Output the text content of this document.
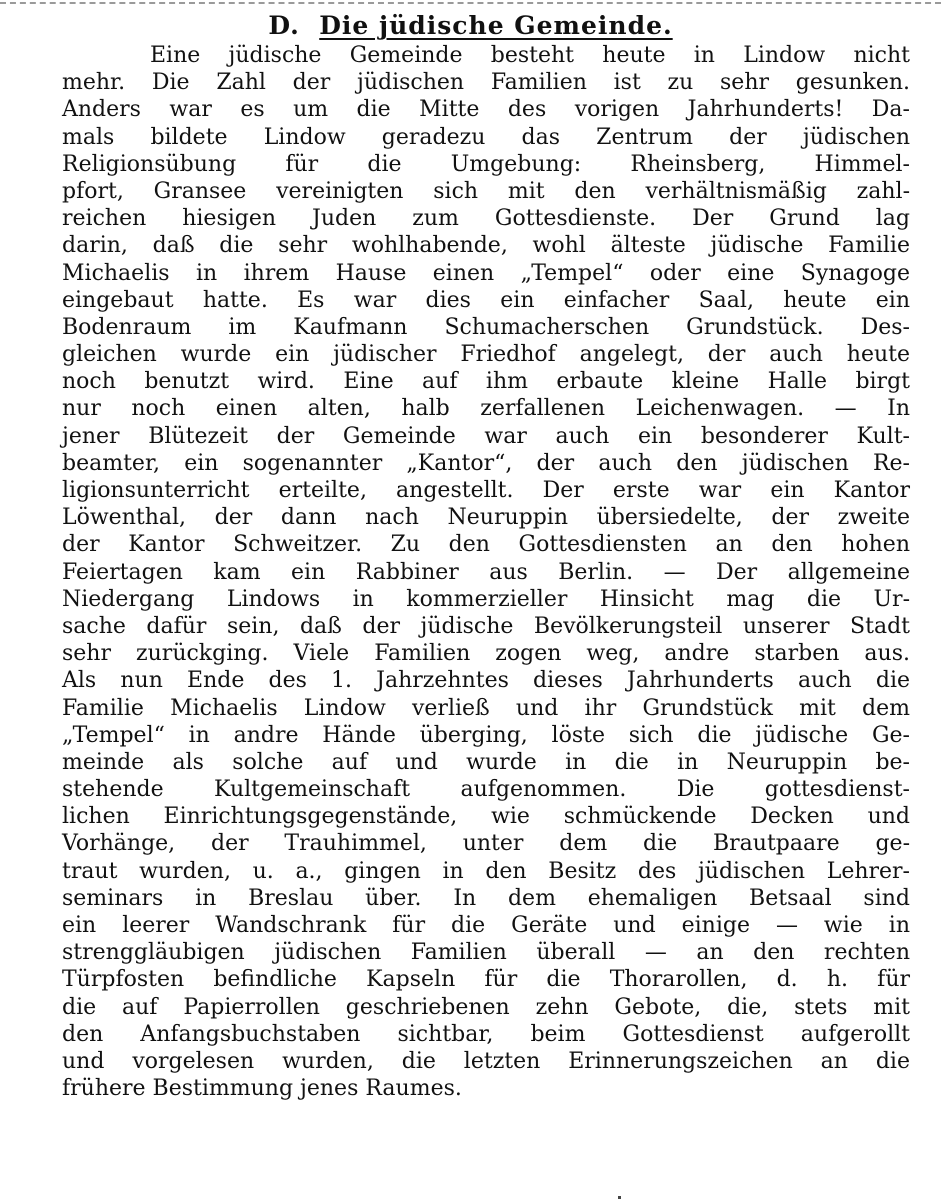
D. Die jüdische Gemeinde.
Eine jüdische Gemeinde besteht heute in Lindow nicht
mehr. Die Zahl der jüdischen Familien ist zu sehr gesunken.
Anders war es um die Mitte des vorigen Jahrhunderts! Da-
mals bildete Lindow geradezu das Zentrum der jüdischen
Religionsübung für die Umgebung: Rheinsberg, Himmel-
pfort, Gransee vereinigten sich mit den verhältnismäßig zahl-
reichen hiesigen Juden zum Gottesdienste. Der Grund lag
darin, daß die sehr wohlhabende, wohl älteste jüdische Familie
Michaelis in ihrem Hause einen „Tempel“ oder eine Synagoge
eingebaut hatte. Es war dies ein einfacher Saal, heute ein
Bodenraum im Kaufmann Schumacherschen Grundstück. Des-
gleichen wurde ein jüdischer Friedhof angelegt, der auch heute
noch benutzt wird. Eine auf ihm erbaute kleine Halle birgt
nur noch einen alten, halb zerfallenen Leichenwagen. — In
jener Blütezeit der Gemeinde war auch ein besonderer Kult-
beamter, ein sogenannter „Kantor“, der auch den jüdischen Re-
ligionsunterricht erteilte, angestellt. Der erste war ein Kantor
Löwenthal, der dann nach Neuruppin übersiedelte, der zweite
der Kantor Schweitzer. Zu den Gottesdiensten an den hohen
Feiertagen kam ein Rabbiner aus Berlin. — Der allgemeine
Niedergang Lindows in kommerzieller Hinsicht mag die Ur-
sache dafür sein, daß der jüdische Bevölkerungsteil unserer Stadt
sehr zurückging. Viele Familien zogen weg, andre starben aus.
Als nun Ende des 1. Jahrzehntes dieses Jahrhunderts auch die
Familie Michaelis Lindow verließ und ihr Grundstück mit dem
„Tempel“ in andre Hände überging, löste sich die jüdische Ge-
meinde als solche auf und wurde in die in Neuruppin be-
stehende Kultgemeinschaft aufgenommen. Die gottesdienst-
lichen Einrichtungsgegenstände, wie schmückende Decken und
Vorhänge, der Trauhimmel, unter dem die Brautpaare ge-
traut wurden, u. a., gingen in den Besitz des jüdischen Lehrer-
seminars in Breslau über. In dem ehemaligen Betsaal sind
ein leerer Wandschrank für die Geräte und einige — wie in
strenggläubigen jüdischen Familien überall — an den rechten
Türpfosten befindliche Kapseln für die Thorarollen, d. h. für
die auf Papierrollen geschriebenen zehn Gebote, die, stets mit
den Anfangsbuchstaben sichtbar, beim Gottesdienst aufgerollt
und vorgelesen wurden, die letzten Erinnerungszeichen an die
frühere Bestimmung jenes Raumes.
